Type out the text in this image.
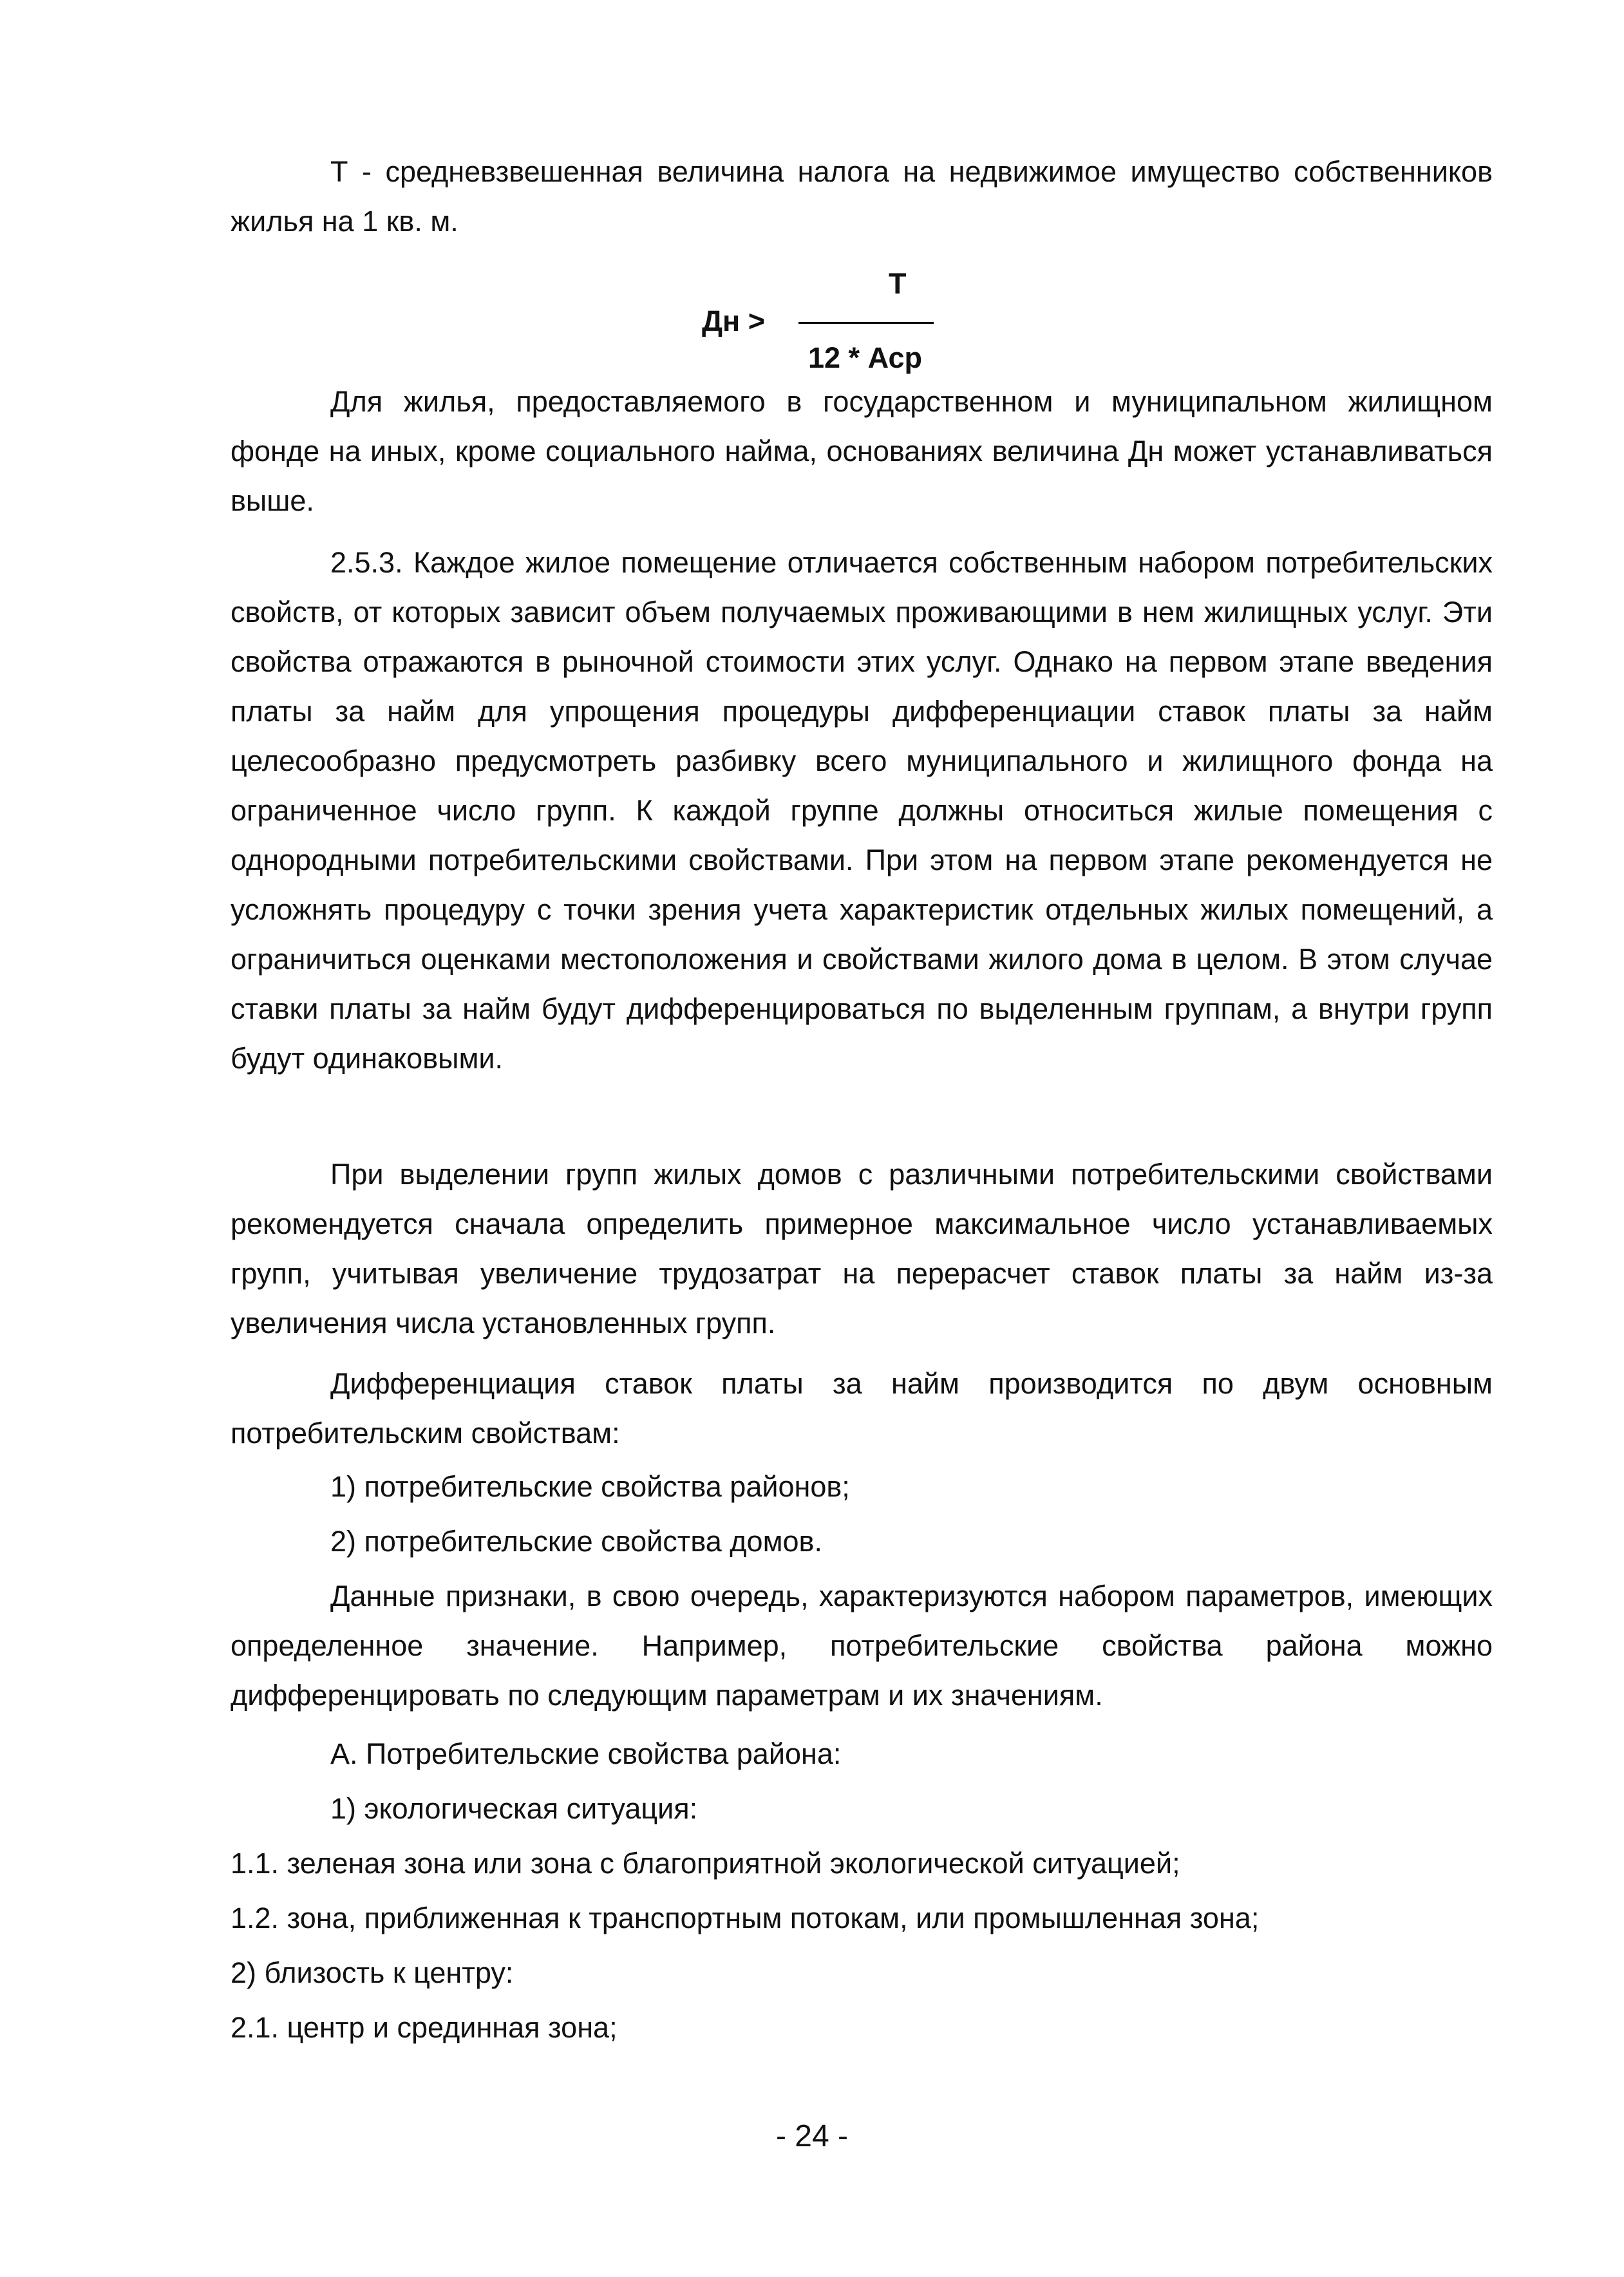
Т - средневзвешенная величина налога на недвижимое имущество собственников жилья на 1 кв. м.

Т
Дн >
12 * Аср

Для жилья, предоставляемого в государственном и муниципальном жилищном фонде на иных, кроме социального найма, основаниях величина Дн может устанавливаться выше.

2.5.3. Каждое жилое помещение отличается собственным набором потребительских свойств, от которых зависит объем получаемых проживающими в нем жилищных услуг. Эти свойства отражаются в рыночной стоимости этих услуг. Однако на первом этапе введения платы за найм для упрощения процедуры дифференциации ставок платы за найм целесообразно предусмотреть разбивку всего муниципального и жилищного фонда на ограниченное число групп. К каждой группе должны относиться жилые помещения с однородными потребительскими свойствами. При этом на первом этапе рекомендуется не усложнять процедуру с точки зрения учета характеристик отдельных жилых помещений, а ограничиться оценками местоположения и свойствами жилого дома в целом. В этом случае ставки платы за найм будут дифференцироваться по выделенным группам, а внутри групп будут одинаковыми.

При выделении групп жилых домов с различными потребительскими свойствами рекомендуется сначала определить примерное максимальное число устанавливаемых групп, учитывая увеличение трудозатрат на перерасчет ставок платы за найм из-за увеличения числа установленных групп.

Дифференциация ставок платы за найм производится по двум основным потребительским свойствам:

1) потребительские свойства районов;

2) потребительские свойства домов.

Данные признаки, в свою очередь, характеризуются набором параметров, имеющих определенное значение. Например, потребительские свойства района можно дифференцировать по следующим параметрам и их значениям.

А. Потребительские свойства района:

1) экологическая ситуация:

1.1. зеленая зона или зона с благоприятной экологической ситуацией;

1.2. зона, приближенная к транспортным потокам, или промышленная зона;

2) близость к центру:

2.1. центр и срединная зона;

- 24 -
